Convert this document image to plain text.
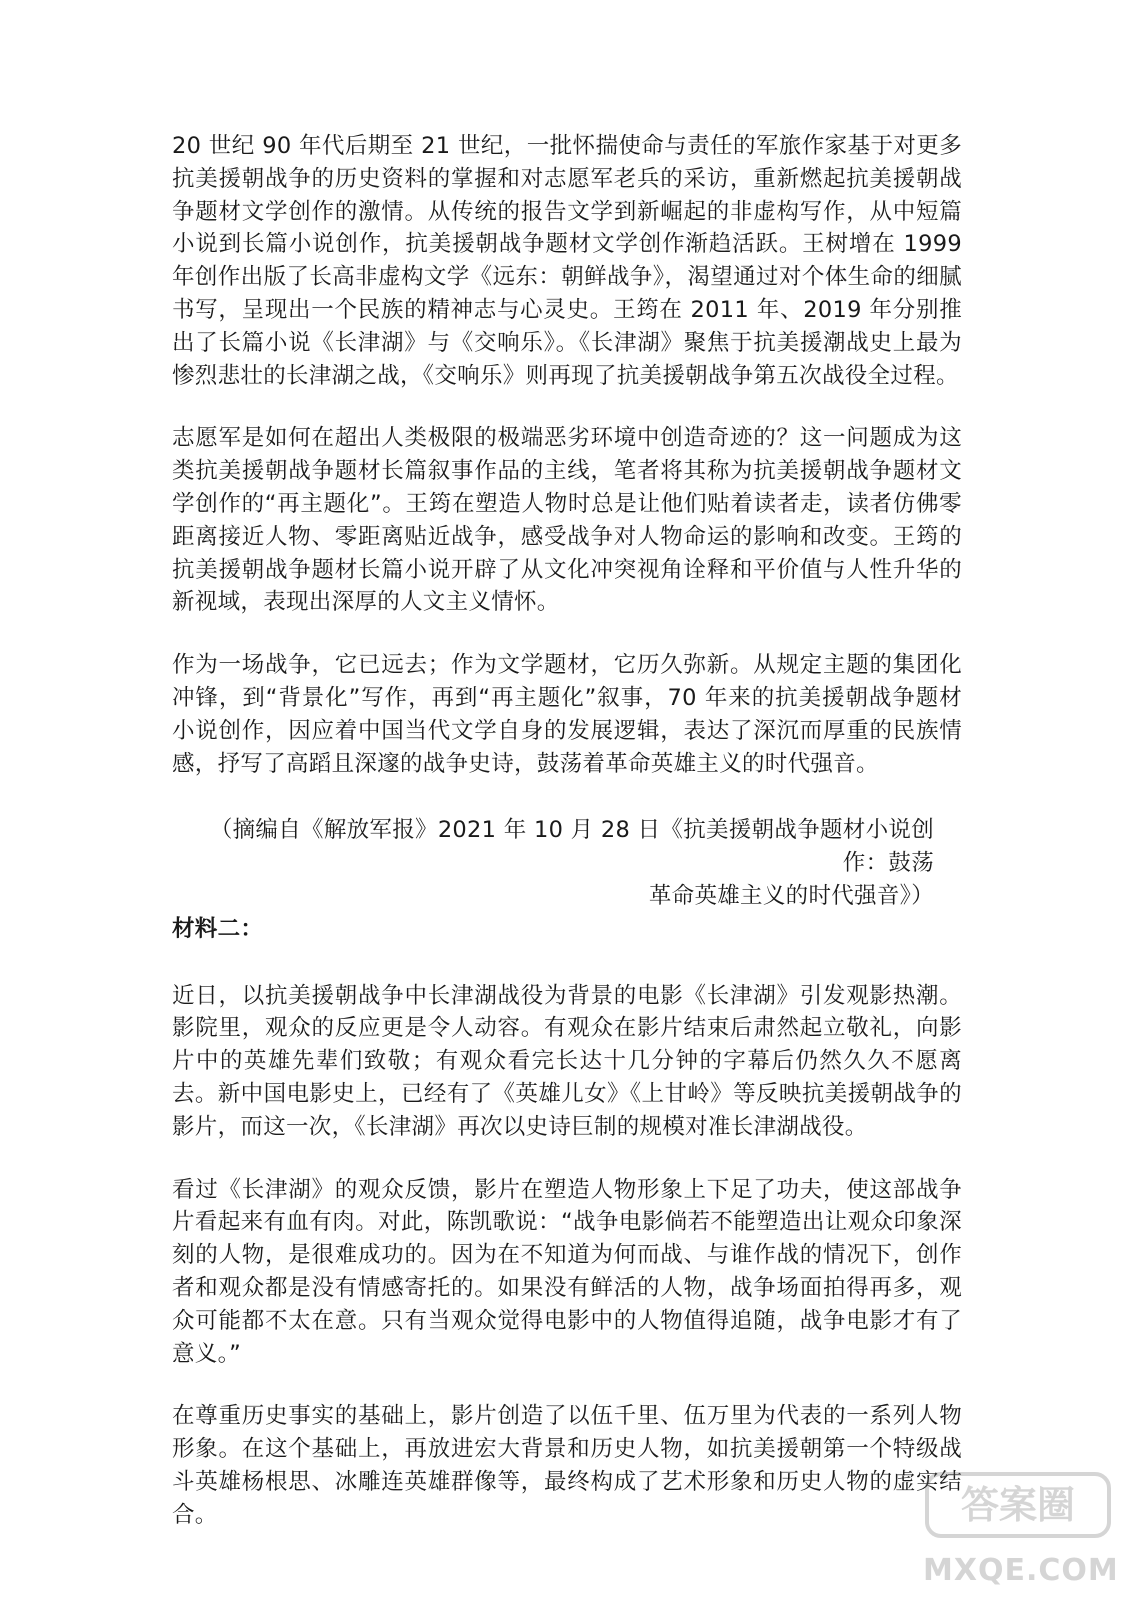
20 世纪 90 年代后期至 21 世纪，一批怀揣使命与责任的军旅作家基于对更多抗美援朝战争的历史资料的掌握和对志愿军老兵的采访，重新燃起抗美援朝战争题材文学创作的激情。从传统的报告文学到新崛起的非虚构写作，从中短篇小说到长篇小说创作，抗美援朝战争题材文学创作渐趋活跃。王树增在 1999 年创作出版了长高非虚构文学《远东：朝鲜战争》，渴望通过对个体生命的细腻书写，呈现出一个民族的精神志与心灵史。王筠在 2011 年、2019 年分别推出了长篇小说《长津湖》与《交响乐》。《长津湖》聚焦于抗美援潮战史上最为惨烈悲壮的长津湖之战，《交响乐》则再现了抗美援朝战争第五次战役全过程。

志愿军是如何在超出人类极限的极端恶劣环境中创造奇迹的？这一问题成为这类抗美援朝战争题材长篇叙事作品的主线，笔者将其称为抗美援朝战争题材文学创作的“再主题化”。王筠在塑造人物时总是让他们贴着读者走，读者仿佛零距离接近人物、零距离贴近战争，感受战争对人物命运的影响和改变。王筠的抗美援朝战争题材长篇小说开辟了从文化冲突视角诠释和平价值与人性升华的新视域，表现出深厚的人文主义情怀。

作为一场战争，它已远去；作为文学题材，它历久弥新。从规定主题的集团化冲锋，到“背景化”写作，再到“再主题化”叙事，70 年来的抗美援朝战争题材小说创作，因应着中国当代文学自身的发展逻辑，表达了深沉而厚重的民族情感，抒写了高蹈且深邃的战争史诗，鼓荡着革命英雄主义的时代强音。

（摘编自《解放军报》2021 年 10 月 28 日《抗美援朝战争题材小说创作：鼓荡

革命英雄主义的时代强音》）

材料二：

近日，以抗美援朝战争中长津湖战役为背景的电影《长津湖》引发观影热潮。影院里，观众的反应更是令人动容。有观众在影片结束后肃然起立敬礼，向影片中的英雄先辈们致敬；有观众看完长达十几分钟的字幕后仍然久久不愿离去。新中国电影史上，已经有了《英雄儿女》《上甘岭》等反映抗美援朝战争的影片，而这一次，《长津湖》再次以史诗巨制的规模对准长津湖战役。

看过《长津湖》的观众反馈，影片在塑造人物形象上下足了功夫，使这部战争片看起来有血有肉。对此，陈凯歌说：“战争电影倘若不能塑造出让观众印象深刻的人物，是很难成功的。因为在不知道为何而战、与谁作战的情况下，创作者和观众都是没有情感寄托的。如果没有鲜活的人物，战争场面拍得再多，观众可能都不太在意。只有当观众觉得电影中的人物值得追随，战争电影才有了意义。”

在尊重历史事实的基础上，影片创造了以伍千里、伍万里为代表的一系列人物形象。在这个基础上，再放进宏大背景和历史人物，如抗美援朝第一个特级战斗英雄杨根思、冰雕连英雄群像等，最终构成了艺术形象和历史人物的虚实结合。	答案圈
MXQE.COM
